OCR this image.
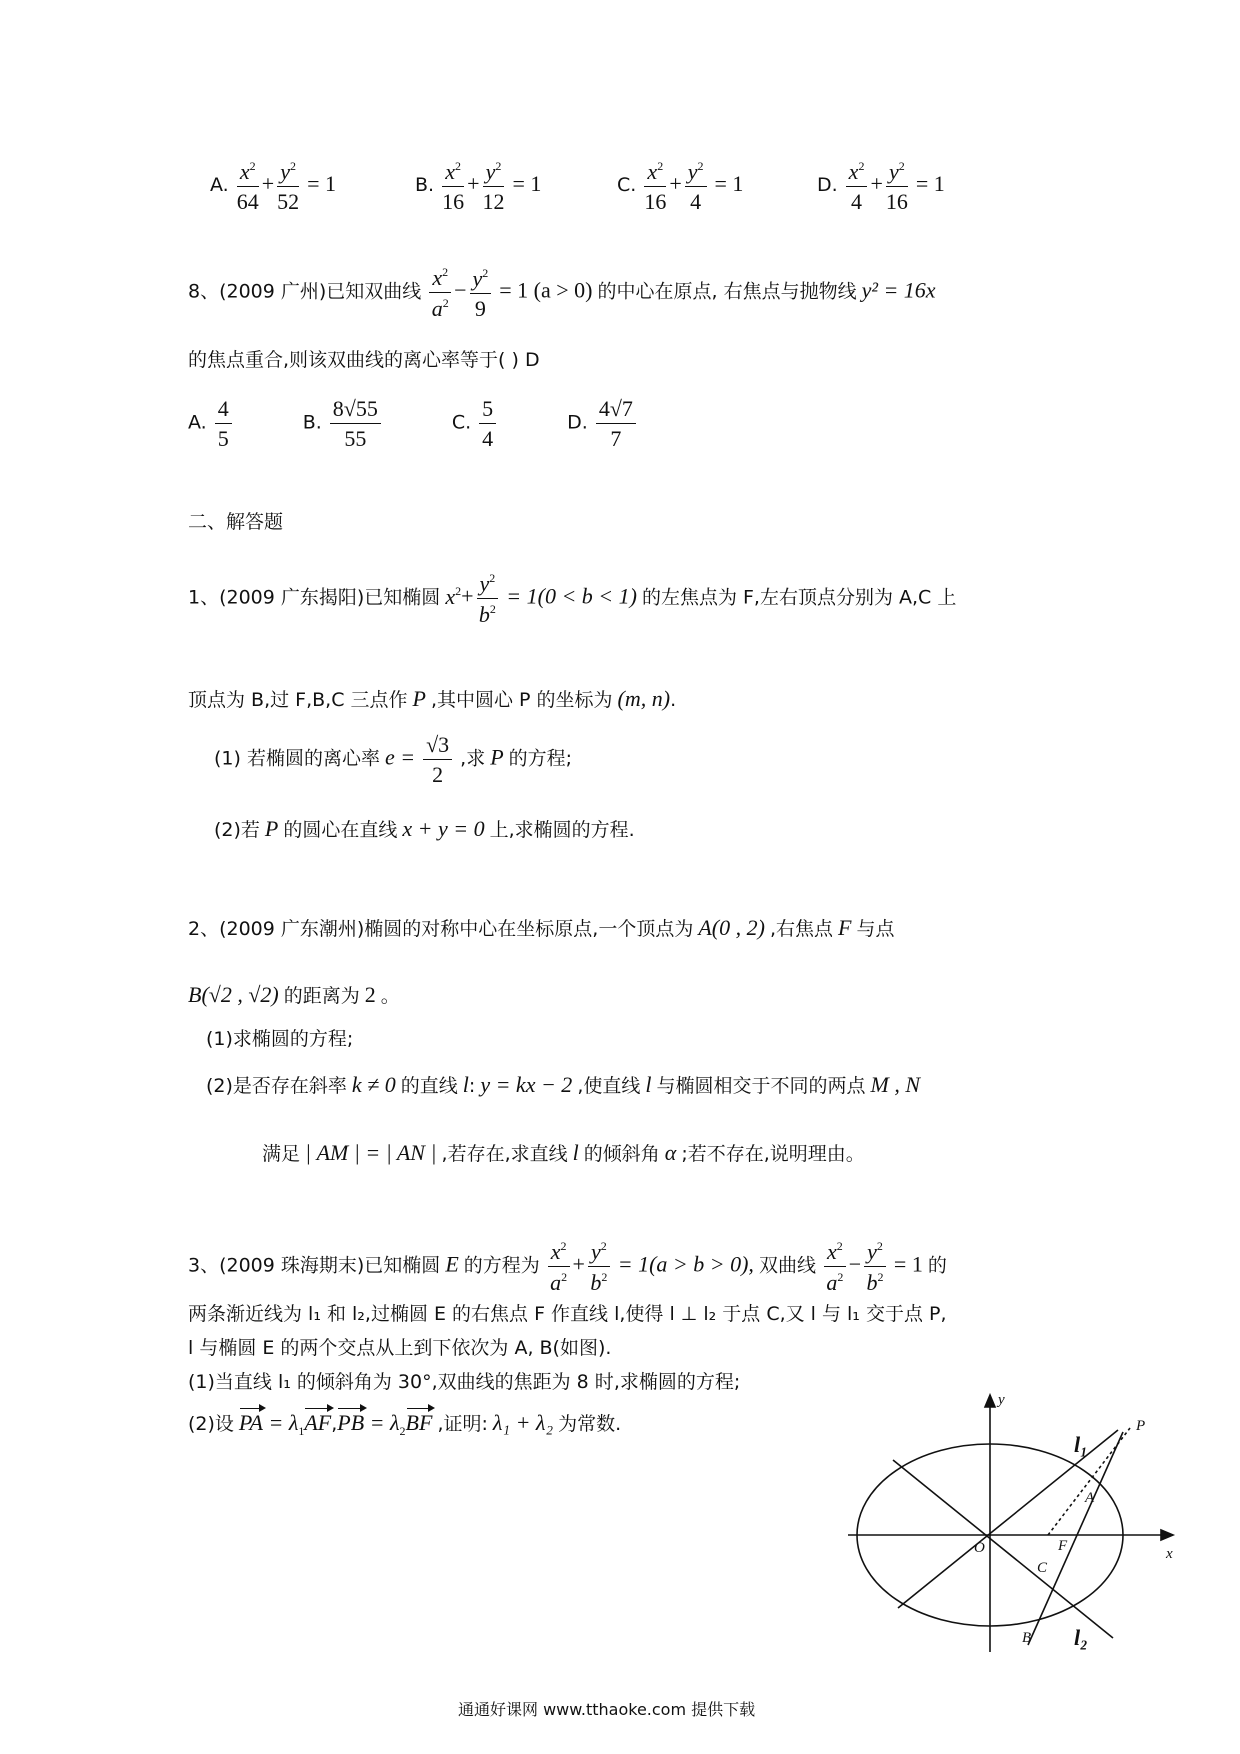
A. $\frac{x^2}{64} + \frac{y^2}{52} = 1$	B. $\frac{x^2}{16} + \frac{y^2}{12} = 1$	C. $\frac{x^2}{16} + \frac{y^2}{4} = 1$	D. $\frac{x^2}{4} + \frac{y^2}{16} = 1$
8、(2009 广州)已知双曲线 $\frac{x^2}{a^2} - \frac{y^2}{9} = 1$ (a > 0) 的中心在原点, 右焦点与抛物线 y² = 16x
的焦点重合,则该双曲线的离心率等于( ) D
A. $\frac{4}{5}$	B. $\frac{8√55}{55}$	C. $\frac{5}{4}$	D. $\frac{4√7}{7}$
二、解答题
1、(2009 广东揭阳)已知椭圆 $x^2+ \frac{y^2}{b^2} = 1(0 < b < 1)$ 的左焦点为 F,左右顶点分别为 A,C 上
顶点为 B,过 F,B,C 三点作 P ,其中圆心 P 的坐标为 (m, n).
(1) 若椭圆的离心率 $e = \frac{√3}{2}$ ,求 P 的方程;
(2)若 P 的圆心在直线 x + y = 0 上,求椭圆的方程.
2、(2009 广东潮州)椭圆的对称中心在坐标原点,一个顶点为 A(0 , 2) ,右焦点 F 与点
B(√2 , √2) 的距离为 2 。
(1)求椭圆的方程;
(2)是否存在斜率 k ≠ 0 的直线 l: y = kx − 2 ,使直线 l 与椭圆相交于不同的两点 M , N
满足 | AM | = | AN | ,若存在,求直线 l 的倾斜角 α ;若不存在,说明理由。
3、(2009 珠海期末)已知椭圆 E 的方程为 $\frac{x^2}{a^2} + \frac{y^2}{b^2} = 1(a > b > 0)$, 双曲线 $\frac{x^2}{a^2} - \frac{y^2}{b^2} = 1$ 的
两条渐近线为 l₁ 和 l₂,过椭圆 E 的右焦点 F 作直线 l,使得 l ⊥ l₂ 于点 C,又 l 与 l₁ 交于点 P,
l 与椭圆 E 的两个交点从上到下依次为 A, B(如图).
(1)当直线 l₁ 的倾斜角为 30°,双曲线的焦距为 8 时,求椭圆的方程;
(2)设 PA = $\lambda_1AF,PB = \lambda_2BF$ ,证明: λ₁ + λ₂ 为常数.
y
x
O
P
A
F
C
B
l₁
l₂
通通好课网 www.tthaoke.com 提供下载
